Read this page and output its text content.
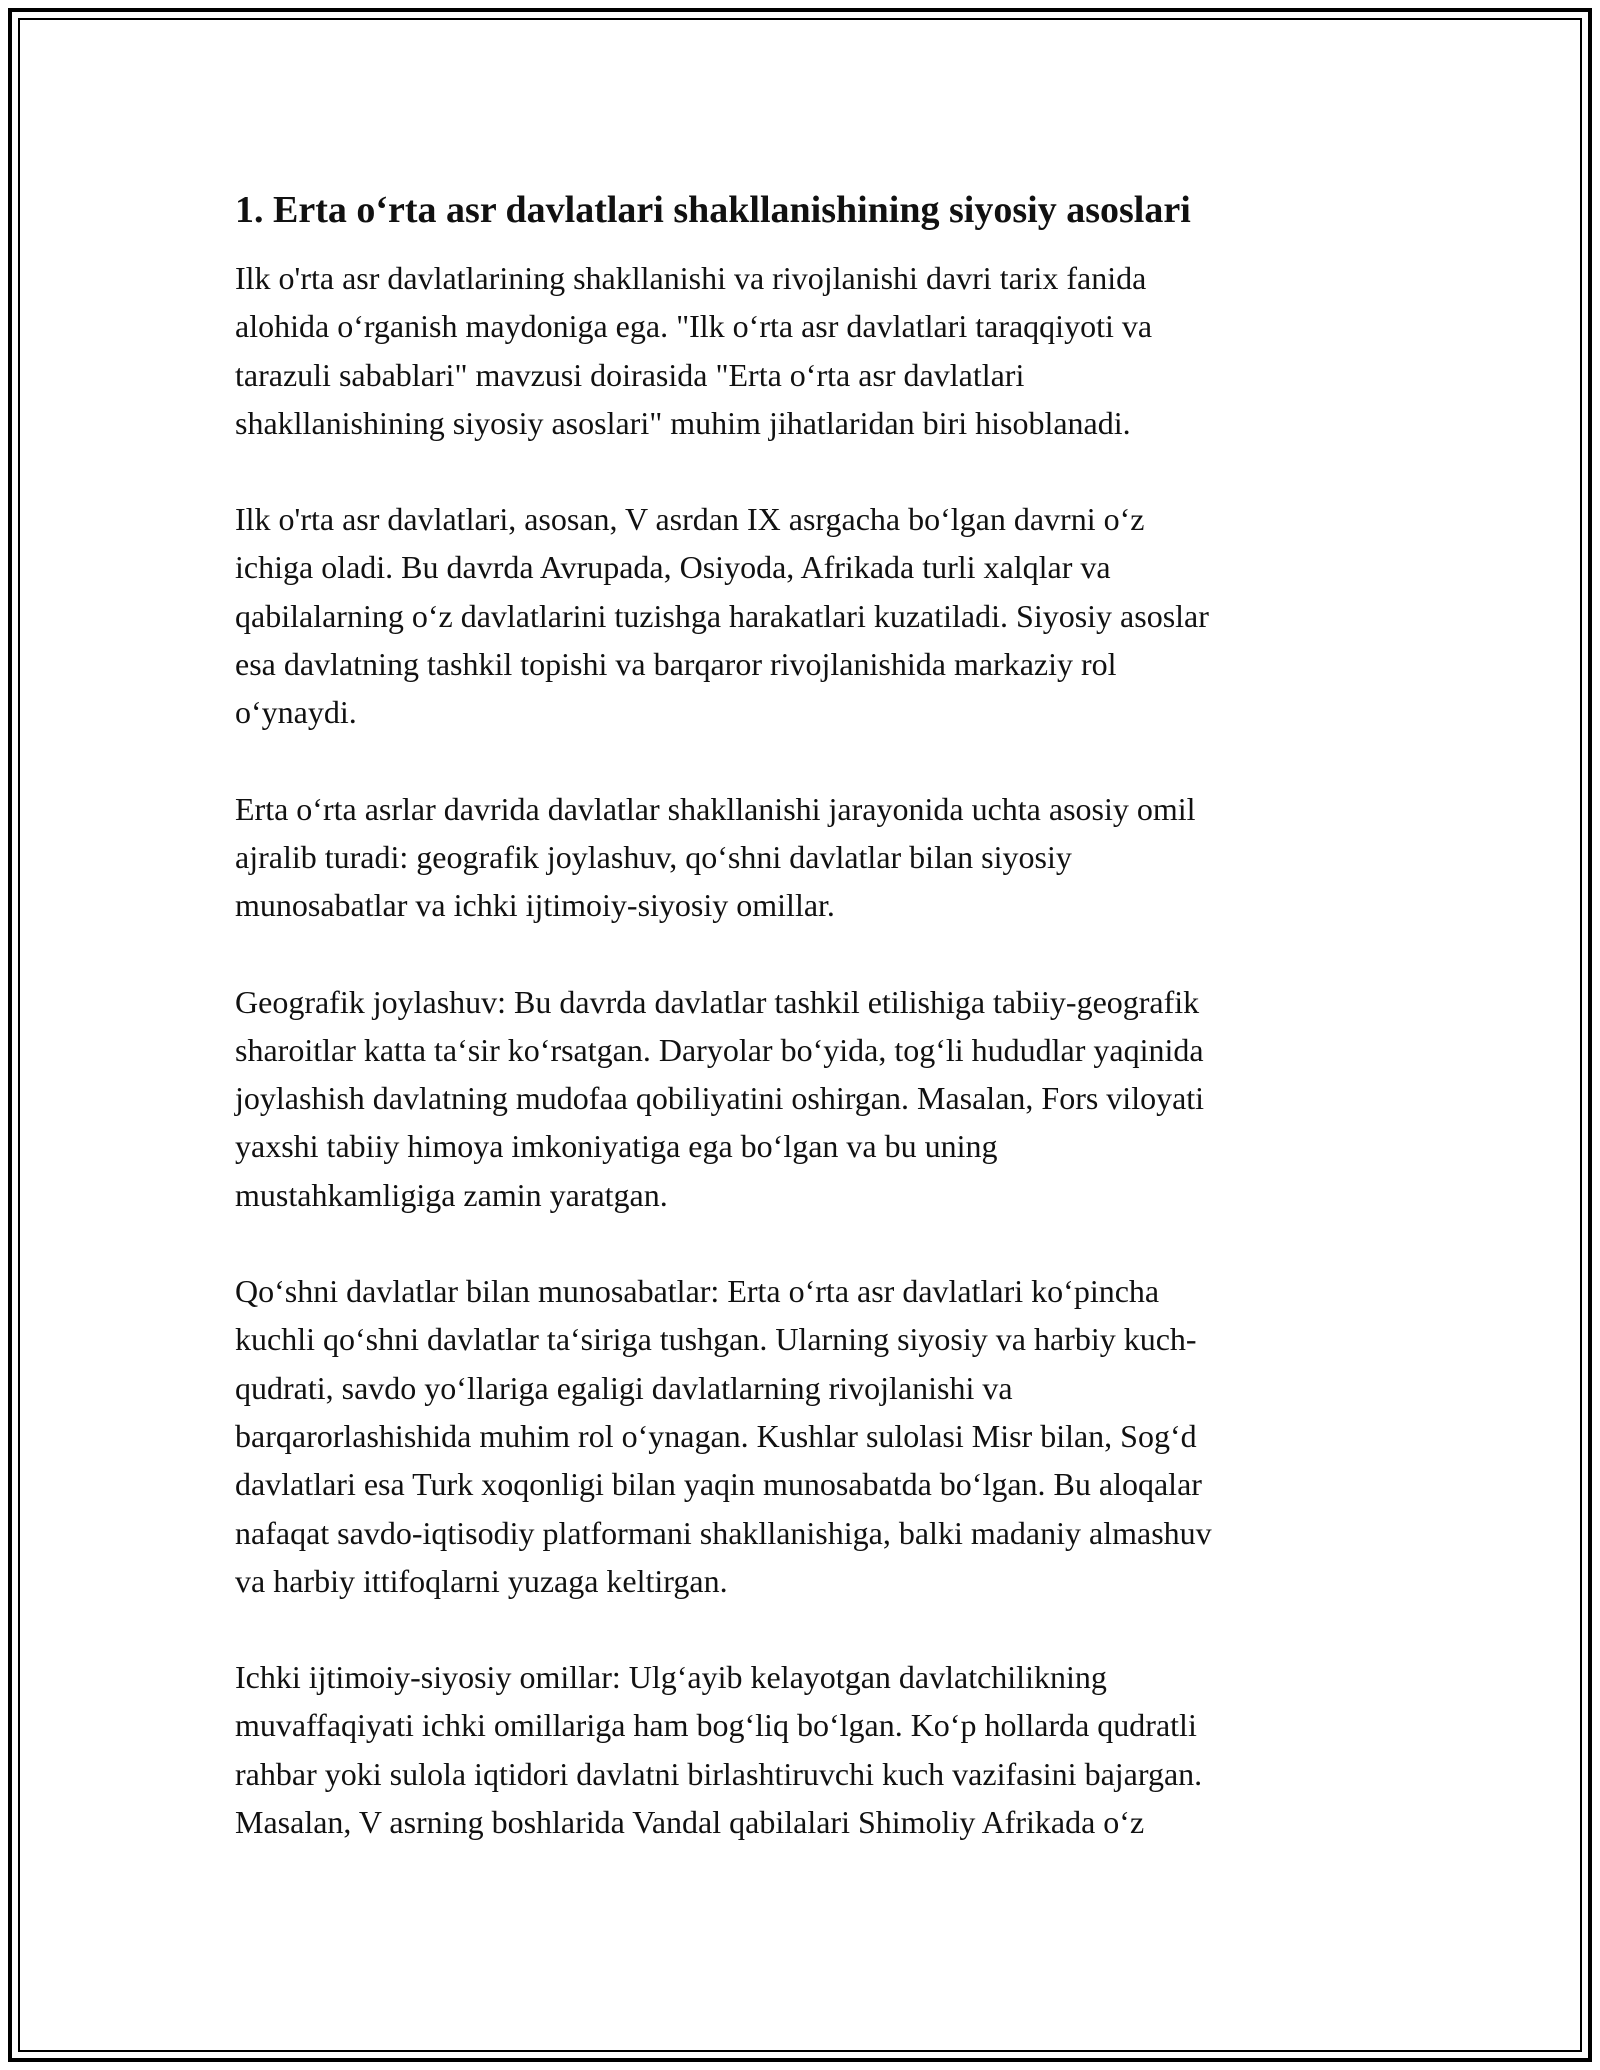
1. Erta o‘rta asr davlatlari shakllanishining siyosiy asoslari

Ilk o'rta asr davlatlarining shakllanishi va rivojlanishi davri tarix fanida
alohida o‘rganish maydoniga ega. "Ilk o‘rta asr davlatlari taraqqiyoti va
tarazuli sabablari" mavzusi doirasida "Erta o‘rta asr davlatlari
shakllanishining siyosiy asoslari" muhim jihatlaridan biri hisoblanadi.

Ilk o'rta asr davlatlari, asosan, V asrdan IX asrgacha bo‘lgan davrni o‘z
ichiga oladi. Bu davrda Avrupada, Osiyoda, Afrikada turli xalqlar va
qabilalarning o‘z davlatlarini tuzishga harakatlari kuzatiladi. Siyosiy asoslar
esa davlatning tashkil topishi va barqaror rivojlanishida markaziy rol
o‘ynaydi.

Erta o‘rta asrlar davrida davlatlar shakllanishi jarayonida uchta asosiy omil
ajralib turadi: geografik joylashuv, qo‘shni davlatlar bilan siyosiy
munosabatlar va ichki ijtimoiy-siyosiy omillar.

Geografik joylashuv: Bu davrda davlatlar tashkil etilishiga tabiiy-geografik
sharoitlar katta ta‘sir ko‘rsatgan. Daryolar bo‘yida, tog‘li hududlar yaqinida
joylashish davlatning mudofaa qobiliyatini oshirgan. Masalan, Fors viloyati
yaxshi tabiiy himoya imkoniyatiga ega bo‘lgan va bu uning
mustahkamligiga zamin yaratgan.

Qo‘shni davlatlar bilan munosabatlar: Erta o‘rta asr davlatlari ko‘pincha
kuchli qo‘shni davlatlar ta‘siriga tushgan. Ularning siyosiy va harbiy kuch-
qudrati, savdo yo‘llariga egaligi davlatlarning rivojlanishi va
barqarorlashishida muhim rol o‘ynagan. Kushlar sulolasi Misr bilan, Sog‘d
davlatlari esa Turk xoqonligi bilan yaqin munosabatda bo‘lgan. Bu aloqalar
nafaqat savdo-iqtisodiy platformani shakllanishiga, balki madaniy almashuv
va harbiy ittifoqlarni yuzaga keltirgan.

Ichki ijtimoiy-siyosiy omillar: Ulg‘ayib kelayotgan davlatchilikning
muvaffaqiyati ichki omillariga ham bog‘liq bo‘lgan. Ko‘p hollarda qudratli
rahbar yoki sulola iqtidori davlatni birlashtiruvchi kuch vazifasini bajargan.
Masalan, V asrning boshlarida Vandal qabilalari Shimoliy Afrikada o‘z
